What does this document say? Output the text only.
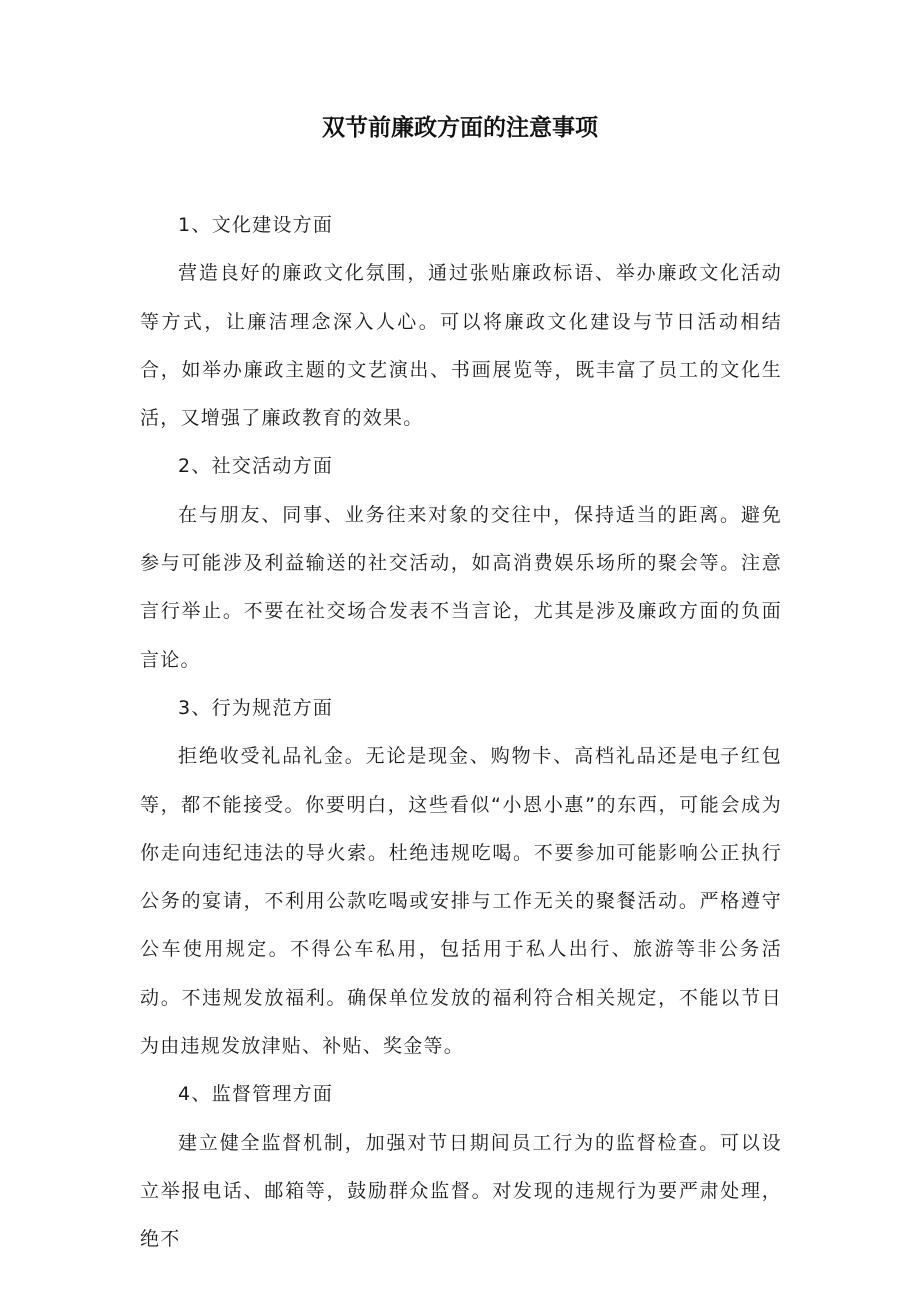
双节前廉政方面的注意事项
1、文化建设方面

营造良好的廉政文化氛围，通过张贴廉政标语、举办廉政文化活动等方式，让廉洁理念深入人心。可以将廉政文化建设与节日活动相结合，如举办廉政主题的文艺演出、书画展览等，既丰富了员工的文化生活，又增强了廉政教育的效果。

2、社交活动方面

在与朋友、同事、业务往来对象的交往中，保持适当的距离。避免参与可能涉及利益输送的社交活动，如高消费娱乐场所的聚会等。注意言行举止。不要在社交场合发表不当言论，尤其是涉及廉政方面的负面言论。

3、行为规范方面

拒绝收受礼品礼金。无论是现金、购物卡、高档礼品还是电子红包等，都不能接受。你要明白，这些看似“小恩小惠”的东西，可能会成为你走向违纪违法的导火索。杜绝违规吃喝。不要参加可能影响公正执行公务的宴请，不利用公款吃喝或安排与工作无关的聚餐活动。严格遵守公车使用规定。不得公车私用，包括用于私人出行、旅游等非公务活动。不违规发放福利。确保单位发放的福利符合相关规定，不能以节日为由违规发放津贴、补贴、奖金等。

4、监督管理方面

建立健全监督机制，加强对节日期间员工行为的监督检查。可以设立举报电话、邮箱等，鼓励群众监督。对发现的违规行为要严肃处理，绝不
